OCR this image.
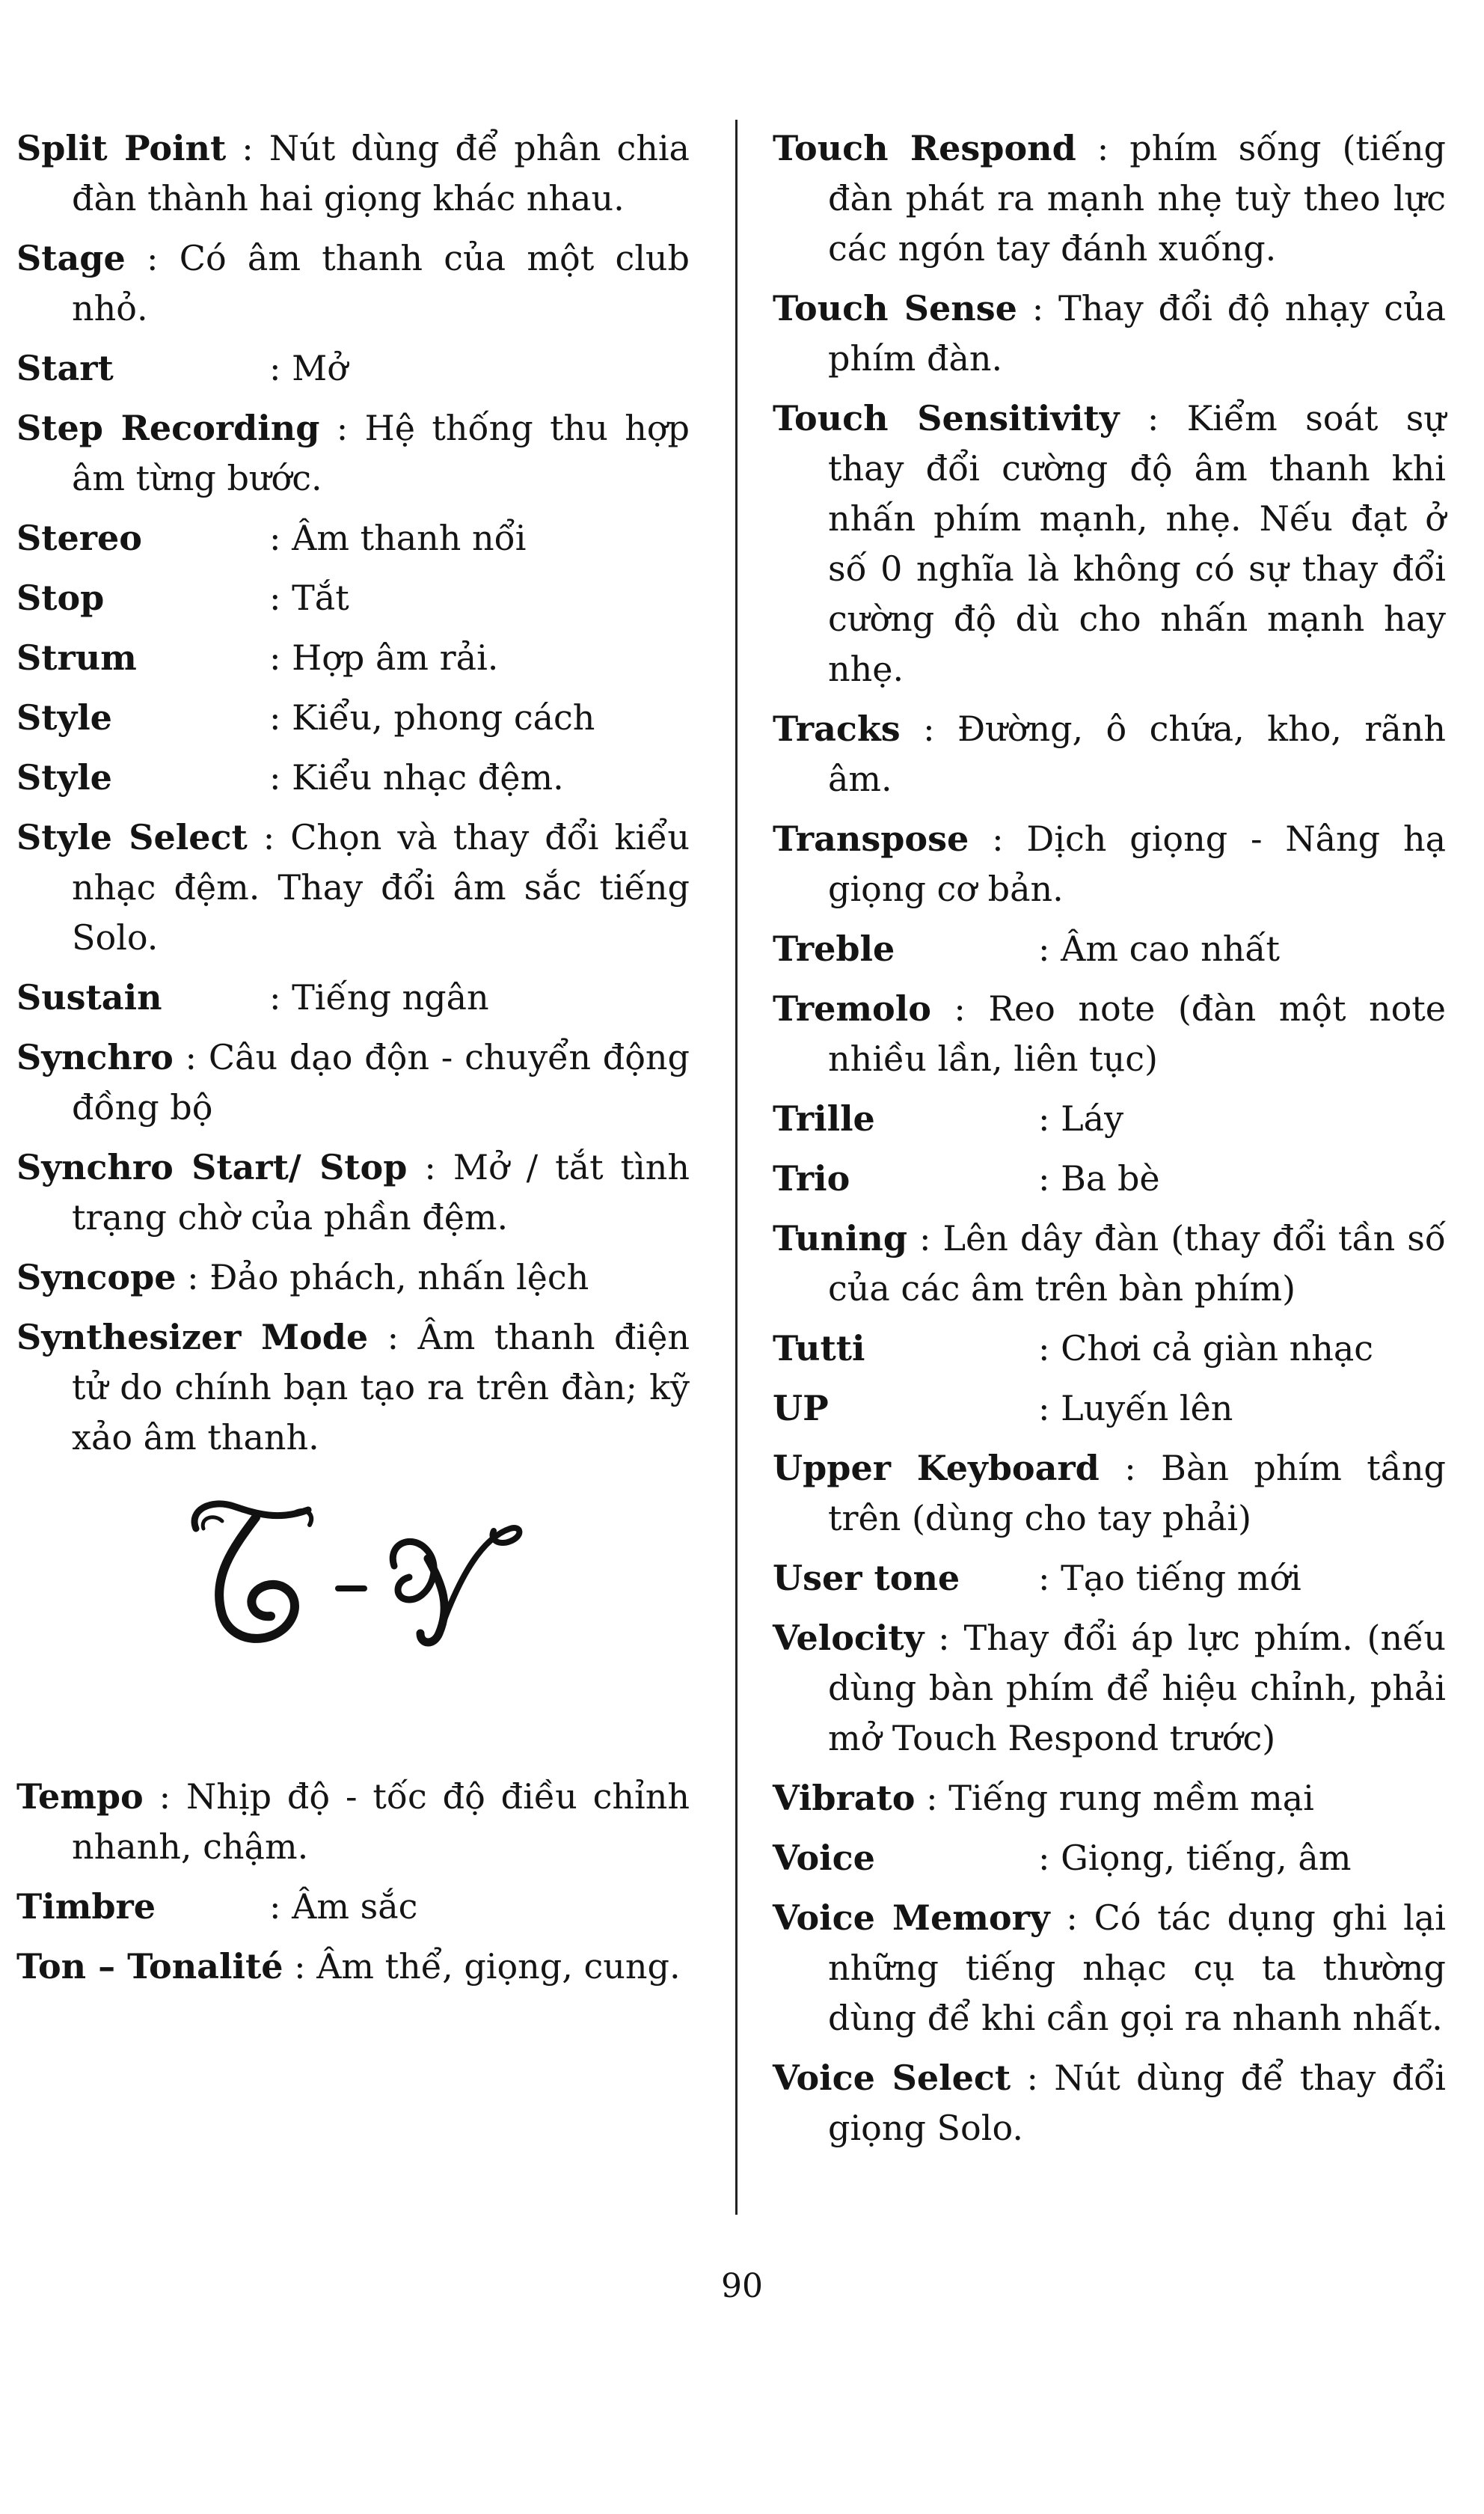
Split Point : Nút dùng để phân chia đàn thành hai giọng khác nhau.

Stage : Có âm thanh của một club nhỏ.

Start	: Mở

Step Recording : Hệ thống thu hợp âm từng bước.

Stereo	: Âm thanh nổi

Stop	: Tắt

Strum	: Hợp âm rải.

Style	: Kiểu, phong cách

Style	: Kiểu nhạc đệm.

Style Select : Chọn và thay đổi kiểu nhạc đệm. Thay đổi âm sắc tiếng Solo.

Sustain	: Tiếng ngân

Synchro : Câu dạo độn - chuyển động đồng bộ

Synchro Start/ Stop : Mở / tắt tình trạng chờ của phần đệm.

Syncope : Đảo phách, nhấn lệch

Synthesizer Mode : Âm thanh điện tử do chính bạn tạo ra trên đàn; kỹ xảo âm thanh.

Tempo : Nhịp độ - tốc độ điều chỉnh nhanh, chậm.

Timbre	: Âm sắc

Ton – Tonalité : Âm thể, giọng, cung.

Touch Respond : phím sống (tiếng đàn phát ra mạnh nhẹ tuỳ theo lực các ngón tay đánh xuống.

Touch Sense : Thay đổi độ nhạy của phím đàn.

Touch Sensitivity : Kiểm soát sự thay đổi cường độ âm thanh khi nhấn phím mạnh, nhẹ. Nếu đạt ở số 0 nghĩa là không có sự thay đổi cường độ dù cho nhấn mạnh hay nhẹ.

Tracks : Đường, ô chứa, kho, rãnh âm.

Transpose : Dịch giọng - Nâng hạ giọng cơ bản.

Treble	: Âm cao nhất

Tremolo : Reo note (đàn một note nhiều lần, liên tục)

Trille	: Láy

Trio	: Ba bè

Tuning : Lên dây đàn (thay đổi tần số của các âm trên bàn phím)

Tutti	: Chơi cả giàn nhạc

UP	: Luyến lên

Upper Keyboard : Bàn phím tầng trên (dùng cho tay phải)

User tone	: Tạo tiếng mới

Velocity : Thay đổi áp lực phím. (nếu dùng bàn phím để hiệu chỉnh, phải mở Touch Respond trước)

Vibrato : Tiếng rung mềm mại

Voice	: Giọng, tiếng, âm

Voice Memory : Có tác dụng ghi lại những tiếng nhạc cụ ta thường dùng để khi cần gọi ra nhanh nhất.

Voice Select : Nút dùng để thay đổi giọng Solo.

90
